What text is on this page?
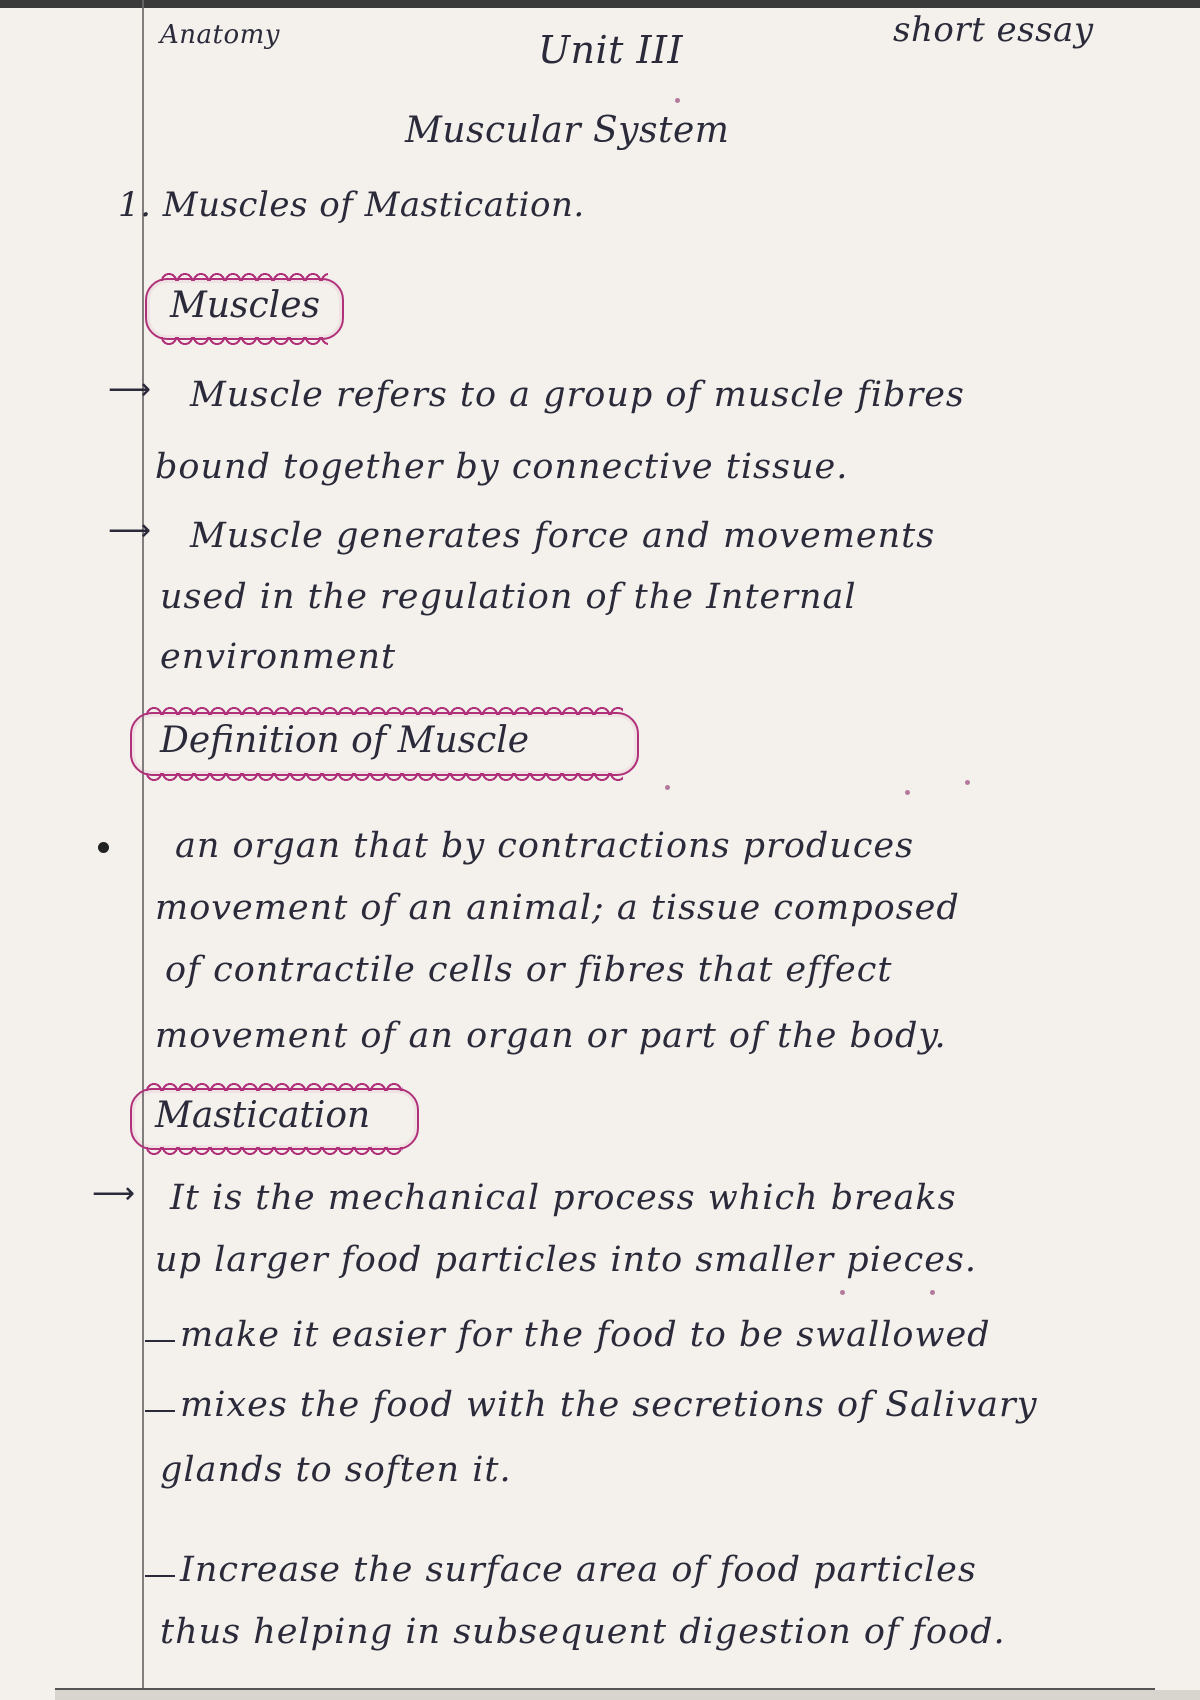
Anatomy	Unit III	short essay
Muscular System
1. Muscles of Mastication.
Muscles
⟶ Muscle refers to a group of muscle fibres
bound together by connective tissue.
⟶ Muscle generates force and movements
used in the regulation of the Internal
environment
Definition of Muscle
an organ that by contractions produces
movement of an animal; a tissue composed
of contractile cells or fibres that effect
movement of an organ or part of the body.
Mastication
⟶ It is the mechanical process which breaks
up larger food particles into smaller pieces.
make it easier for the food to be swallowed
mixes the food with the secretions of Salivary
glands to soften it.
Increase the surface area of food particles
thus helping in subsequent digestion of food.
